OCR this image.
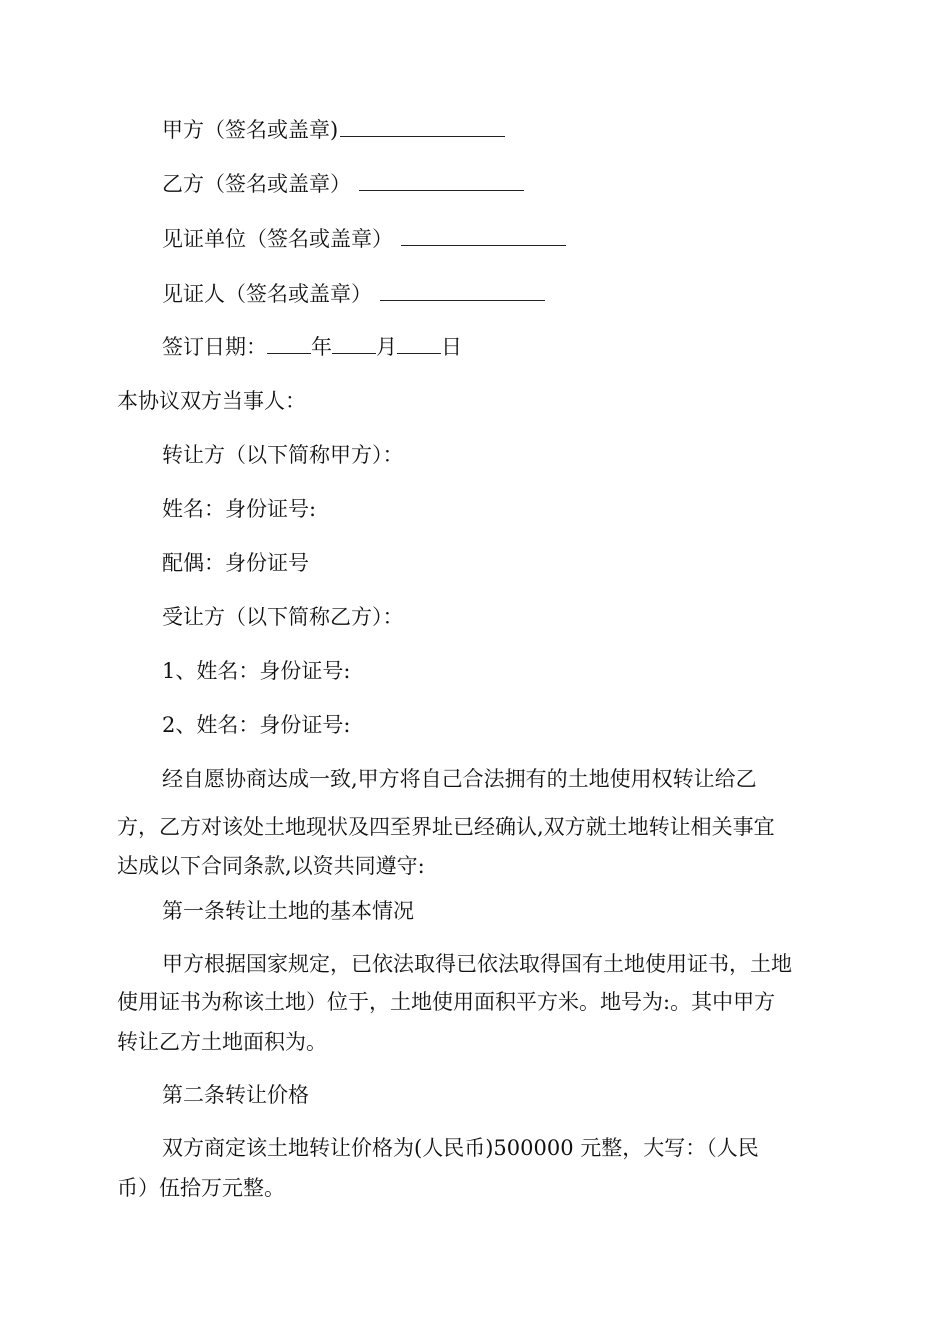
甲方（签名或盖章)
乙方（签名或盖章）
见证单位（签名或盖章）
见证人（签名或盖章）
签订日期： 年 月 日
本协议双方当事人：
转让方（以下简称甲方）：
姓名：身份证号:
配偶：身份证号
受让方（以下简称乙方）：
1、姓名：身份证号:
2、姓名：身份证号:
经自愿协商达成一致,甲方将自己合法拥有的土地使用权转让给乙
方，乙方对该处土地现状及四至界址已经确认,双方就土地转让相关事宜
达成以下合同条款,以资共同遵守:
第一条转让土地的基本情况
甲方根据国家规定，已依法取得已依法取得国有土地使用证书，土地
使用证书为称该土地）位于，土地使用面积平方米。地号为:。其中甲方
转让乙方土地面积为。
第二条转让价格
双方商定该土地转让价格为(人民币)500000 元整，大写：（人民
币）伍拾万元整。
